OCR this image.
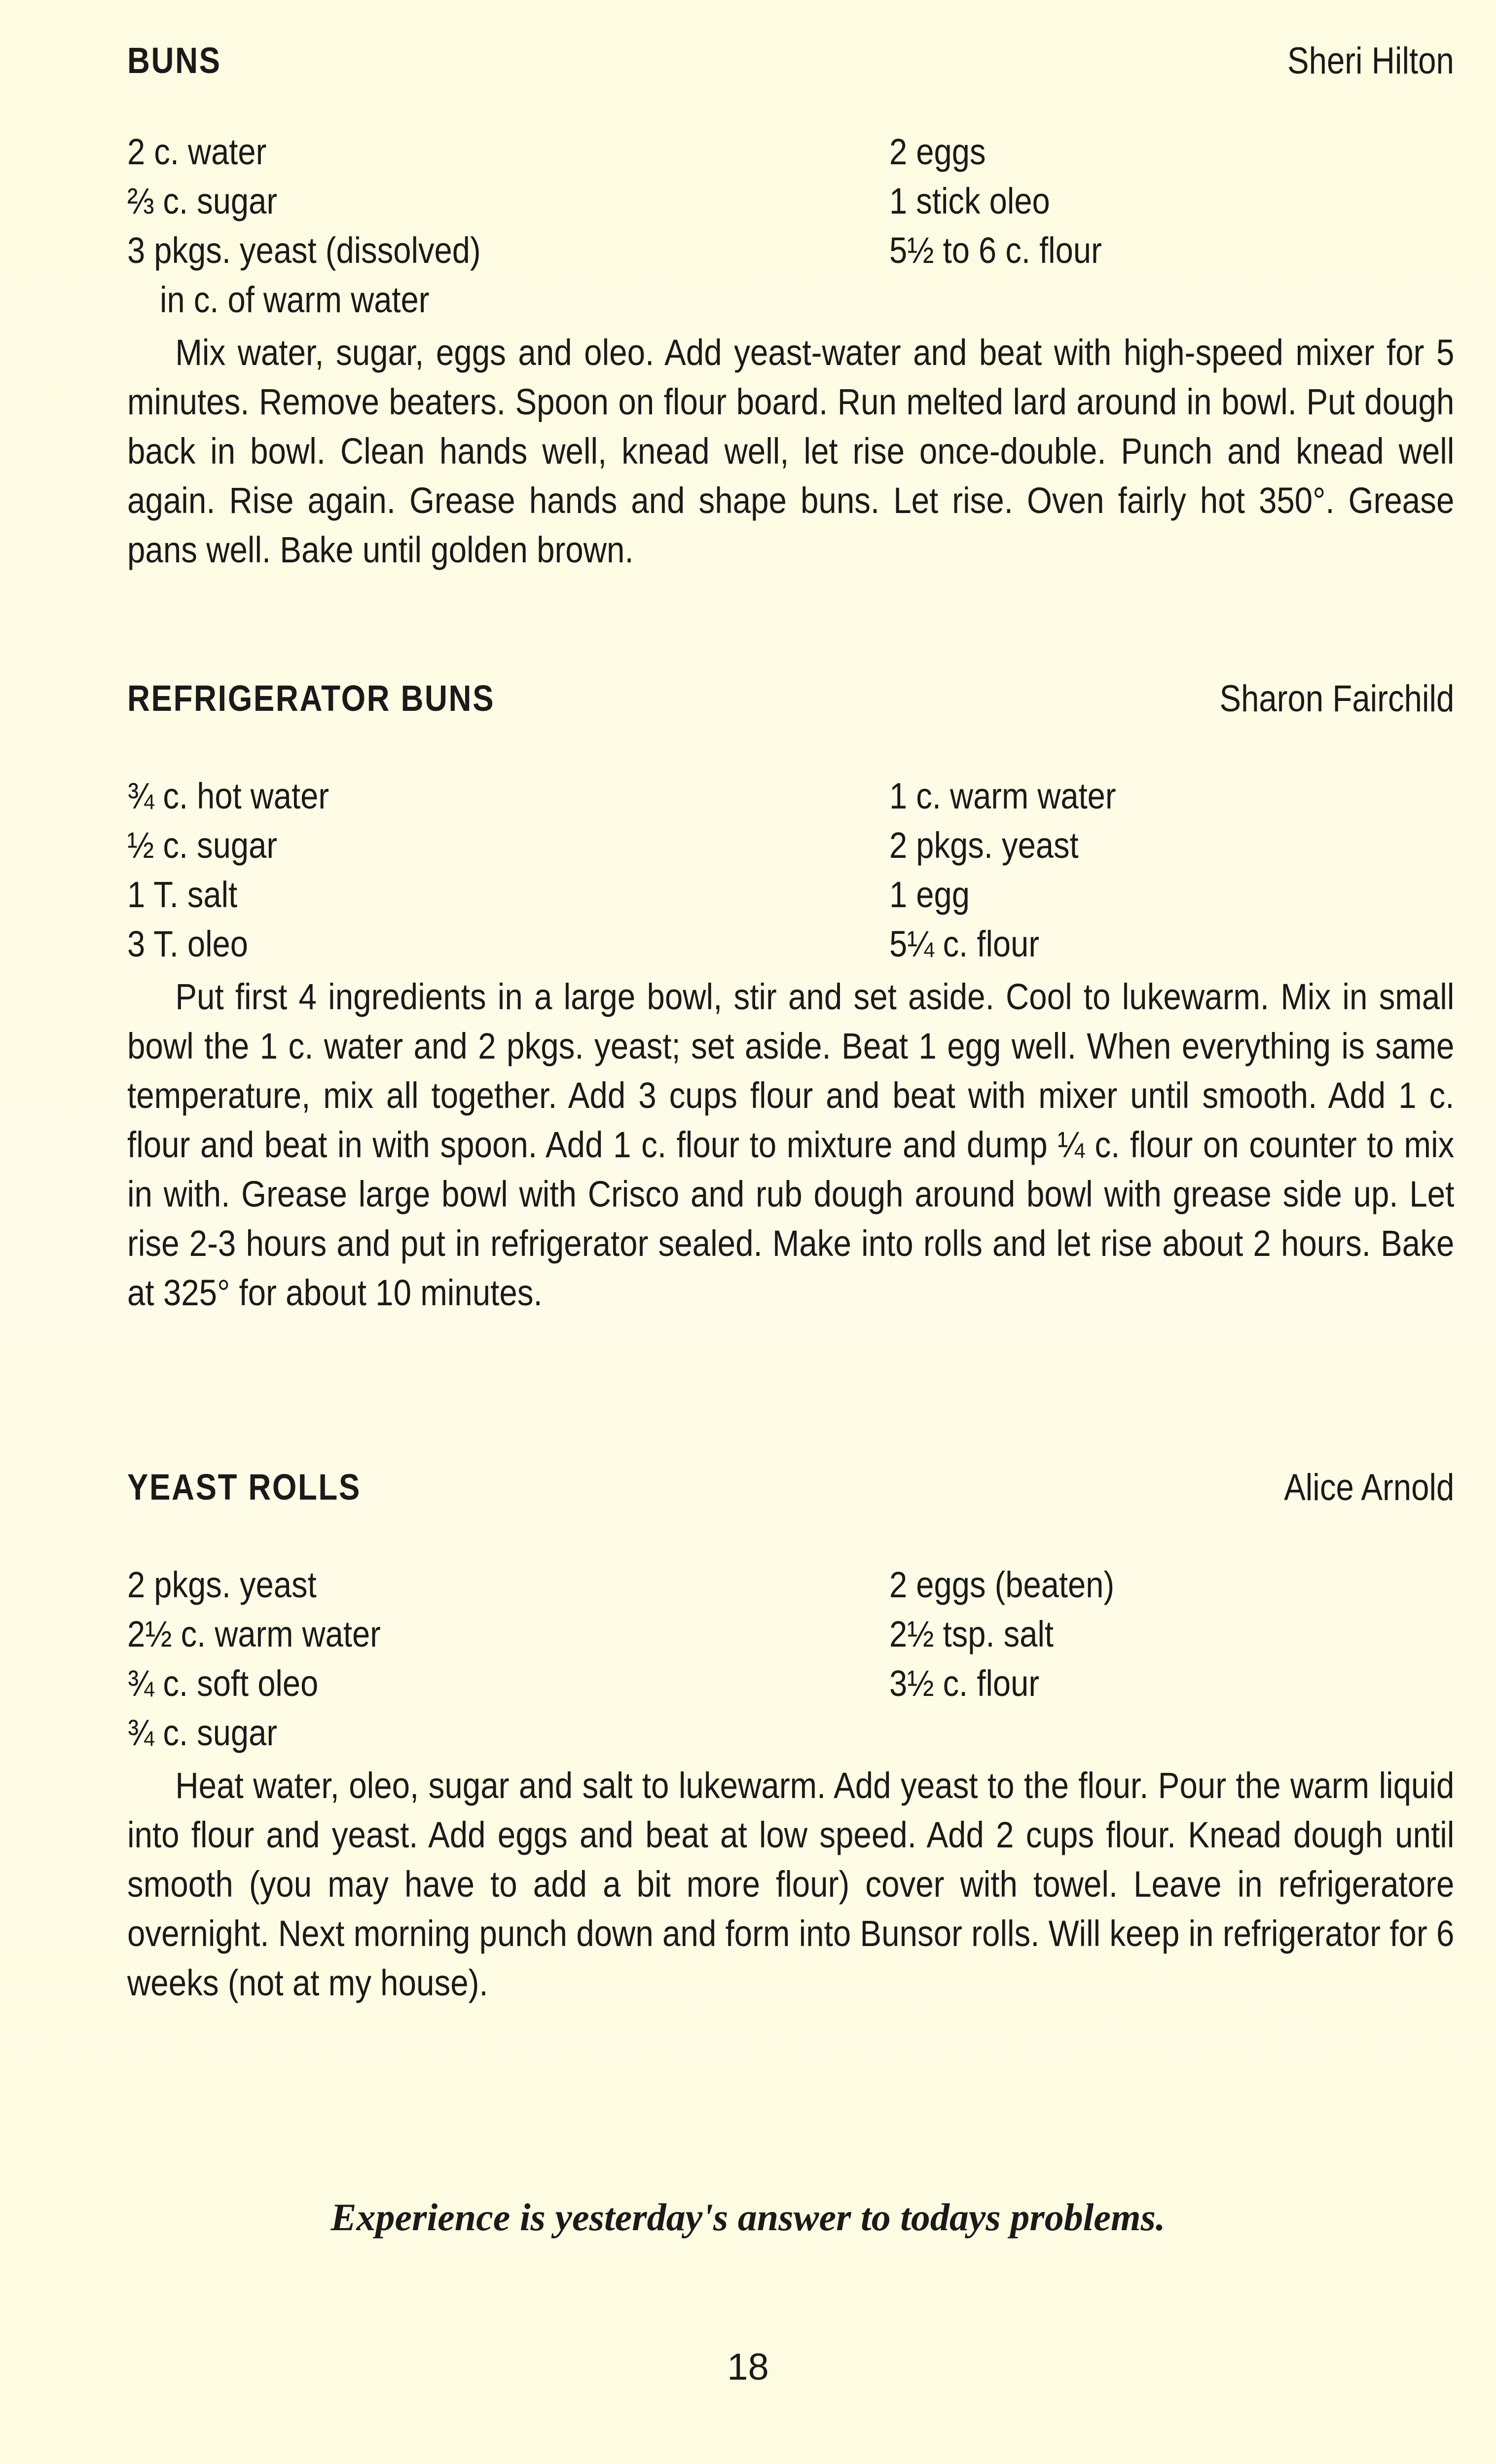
BUNS	Sheri Hilton
2 c. water	2 eggs
⅔ c. sugar	1 stick oleo
3 pkgs. yeast (dissolved)	5½ to 6 c. flour
in c. of warm water

Mix water, sugar, eggs and oleo. Add yeast-water and beat with high-speed mixer for 5 minutes. Remove beaters. Spoon on flour board. Run melted lard around in bowl. Put dough back in bowl. Clean hands well, knead well, let rise once-double. Punch and knead well again. Rise again. Grease hands and shape buns. Let rise. Oven fairly hot 350°. Grease pans well. Bake until golden brown.

REFRIGERATOR BUNS	Sharon Fairchild
¾ c. hot water	1 c. warm water
½ c. sugar	2 pkgs. yeast
1 T. salt	1 egg
3 T. oleo	5¼ c. flour

Put first 4 ingredients in a large bowl, stir and set aside. Cool to lukewarm. Mix in small bowl the 1 c. water and 2 pkgs. yeast; set aside. Beat 1 egg well. When everything is same temperature, mix all together. Add 3 cups flour and beat with mixer until smooth. Add 1 c. flour and beat in with spoon. Add 1 c. flour to mixture and dump ¼ c. flour on counter to mix in with. Grease large bowl with Crisco and rub dough around bowl with grease side up. Let rise 2-3 hours and put in refrigerator sealed. Make into rolls and let rise about 2 hours. Bake at 325° for about 10 minutes.

YEAST ROLLS	Alice Arnold
2 pkgs. yeast	2 eggs (beaten)
2½ c. warm water	2½ tsp. salt
¾ c. soft oleo	3½ c. flour
¾ c. sugar

Heat water, oleo, sugar and salt to lukewarm. Add yeast to the flour. Pour the warm liquid into flour and yeast. Add eggs and beat at low speed. Add 2 cups flour. Knead dough until smooth (you may have to add a bit more flour) cover with towel. Leave in refrigeratore overnight. Next morning punch down and form into Bunsor rolls. Will keep in refrigerator for 6 weeks (not at my house).

Experience is yesterday's answer to todays problems.
18
